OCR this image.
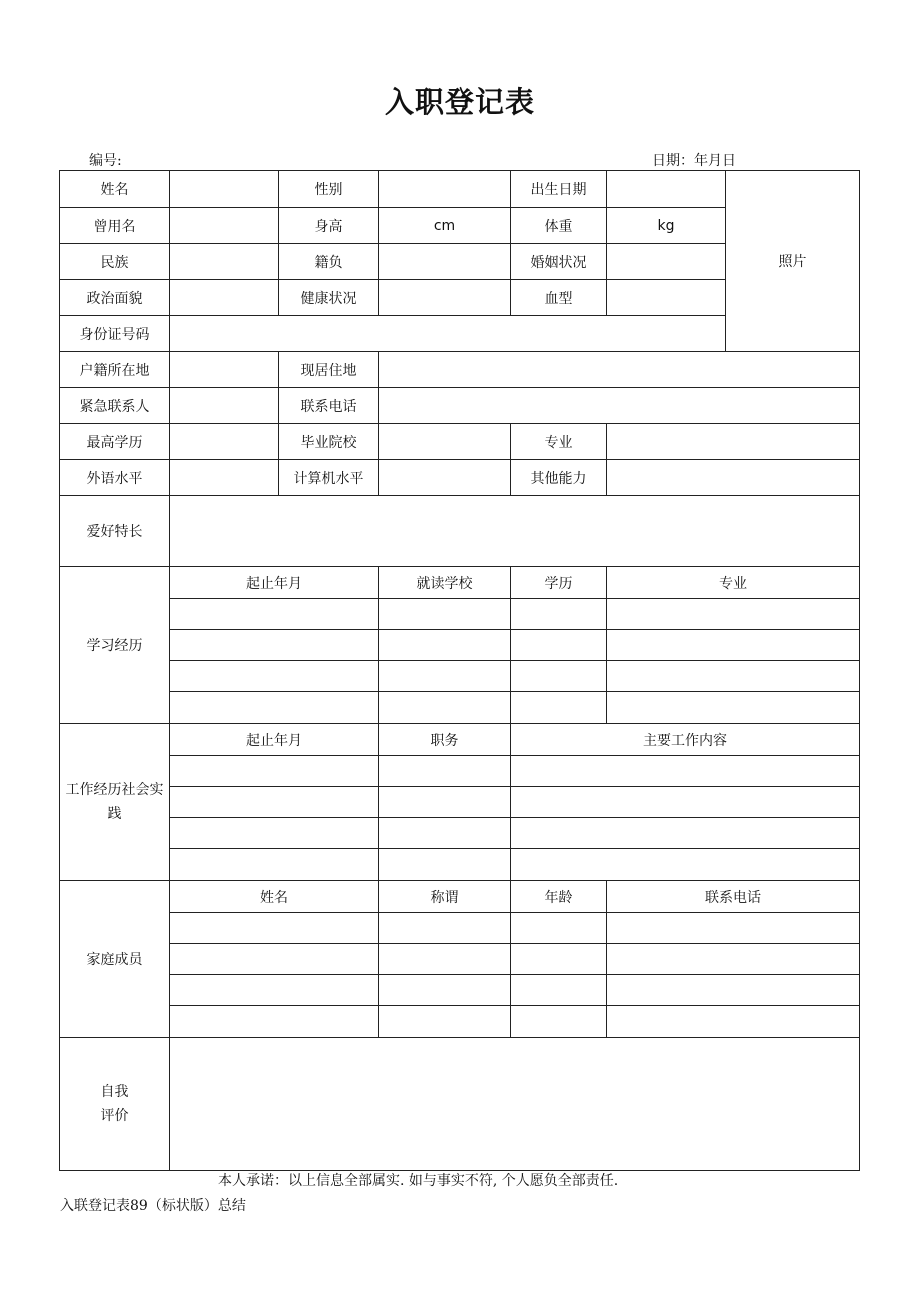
入职登记表
编号:	日期：年月日
姓名		性别		出生日期		照片
曾用名		身高	cm	体重	kg	
民族		籍负		婚姻状况		
政治面貌		健康状况		血型		
身份证号码						
户籍所在地		现居住地				
紧急联系人		联系电话				
最高学历		毕业院校		专业		
外语水平		计算机水平		其他能力		
爱好特长						
学习经历	起止年月		就读学校	学历	专业	

工作经历社会实践	起止年月		职务	主要工作内容		

家庭成员	姓名		称谓	年龄	联系电话	

自我
评价						
本人承诺：以上信息全部属实. 如与事实不符, 个人愿负全部责任.
入联登记表89（标状版）总结
